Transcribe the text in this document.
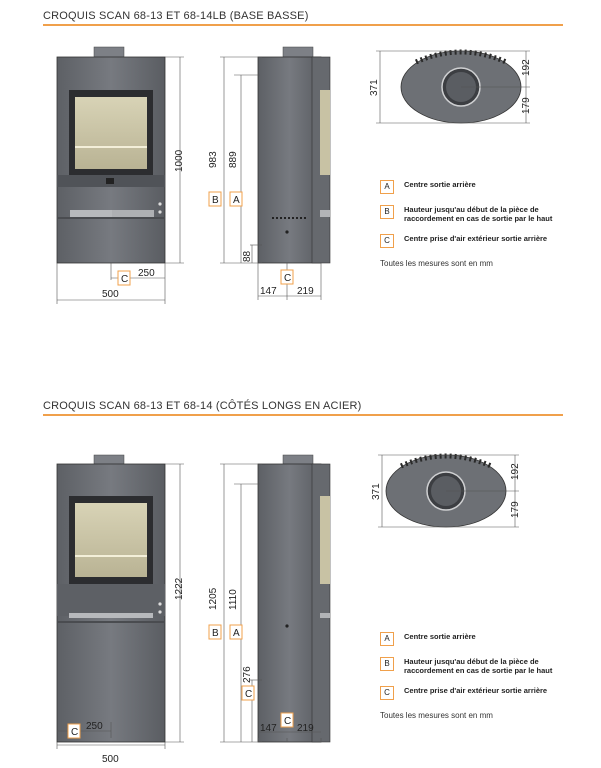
CROQUIS SCAN 68-13 ET 68-14LB (BASE BASSE)
CROQUIS SCAN 68-13 ET 68-14 (CÔTÉS LONGS EN ACIER)
1000
500
250
C
983 889
88
B A
C
147 219
371
192
179
1222
500
250
C
1205 1110
276
B A
C
C
147 219
371
192
179
A	Centre sortie arrière
B	Hauteur jusqu'au début de la pièce de raccordement en cas de sortie par le haut
C	Centre prise d'air extérieur sortie arrière
Toutes les mesures sont en mm
A	Centre sortie arrière
B	Hauteur jusqu'au début de la pièce de raccordement en cas de sortie par le haut
C	Centre prise d'air extérieur sortie arrière
Toutes les mesures sont en mm
